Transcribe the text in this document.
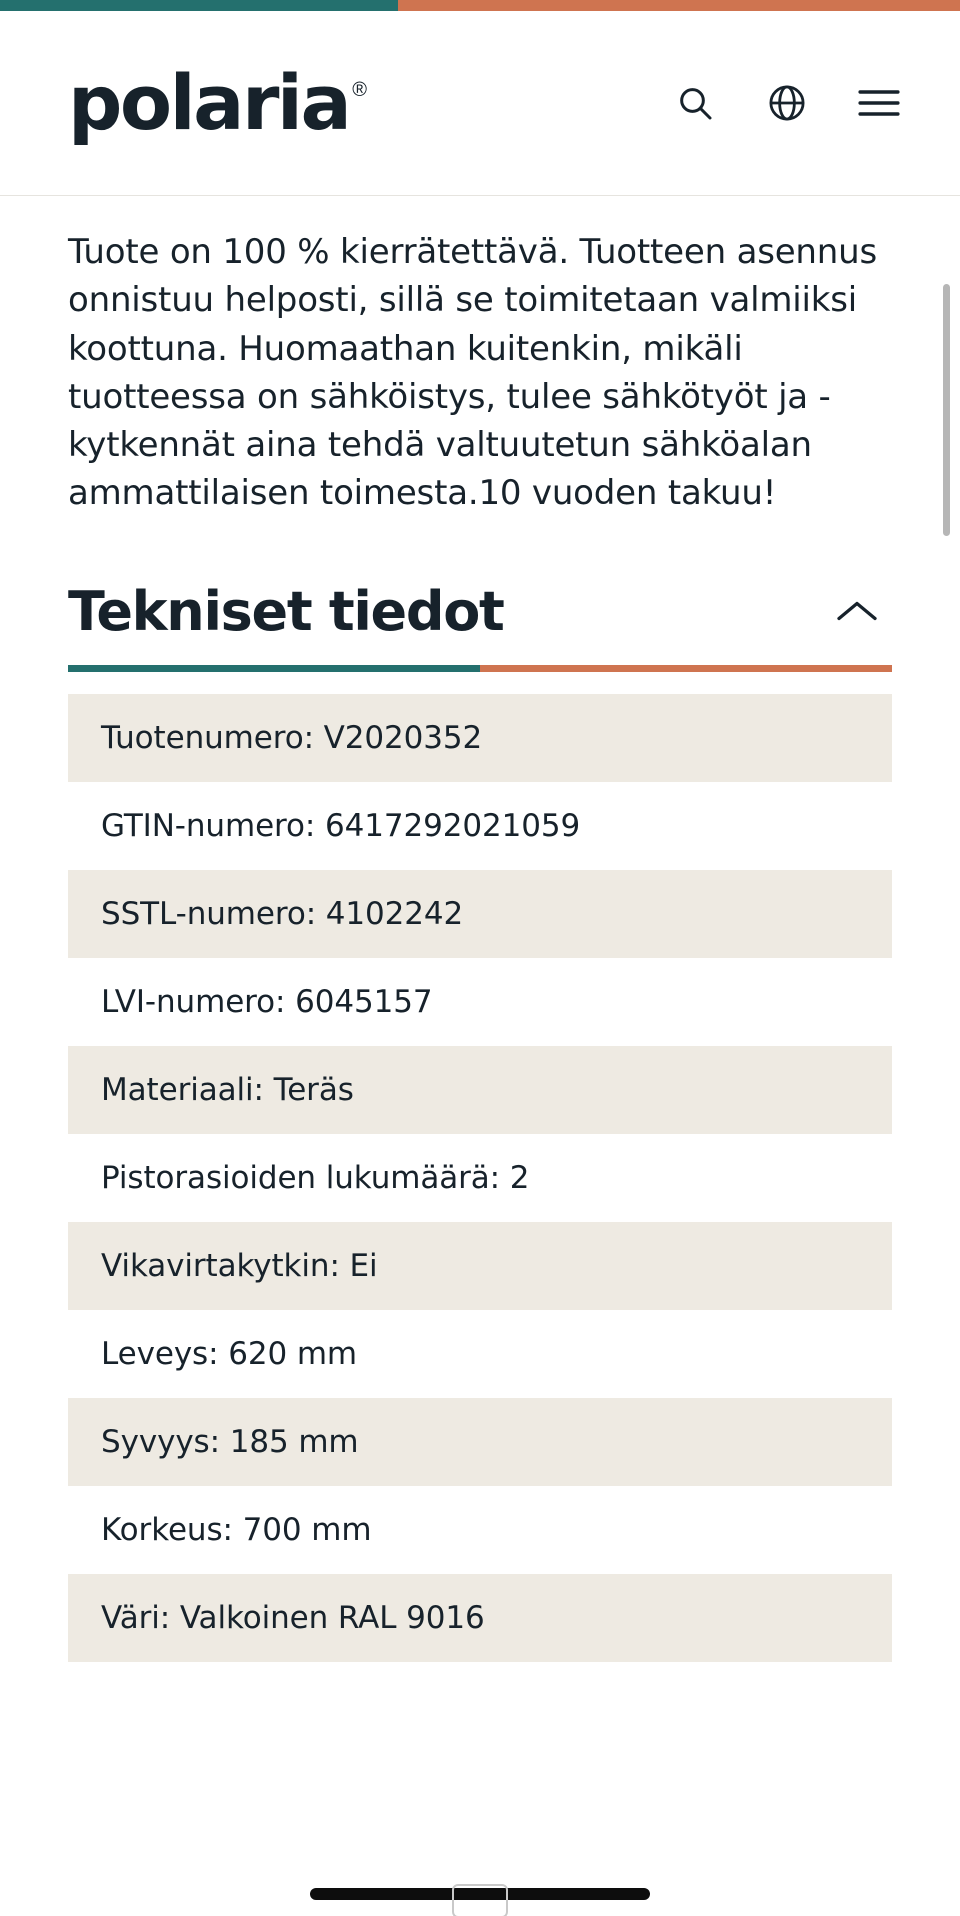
polaria ®

Tuote on 100 % kierrätettävä. Tuotteen asennus onnistuu helposti, sillä se toimitetaan valmiiksi koottuna. Huomaathan kuitenkin, mikäli tuotteessa on sähköistys, tulee sähkötyöt ja -kytkennät aina tehdä valtuutetun sähköalan ammattilaisen toimesta.10 vuoden takuu!

Tekniset tiedot
Tuotenumero: V2020352
GTIN-numero: 6417292021059
SSTL-numero: 4102242
LVI-numero: 6045157
Materiaali: Teräs
Pistorasioiden lukumäärä: 2
Vikavirtakytkin: Ei
Leveys: 620 mm
Syvyys: 185 mm
Korkeus: 700 mm
Väri: Valkoinen RAL 9016
